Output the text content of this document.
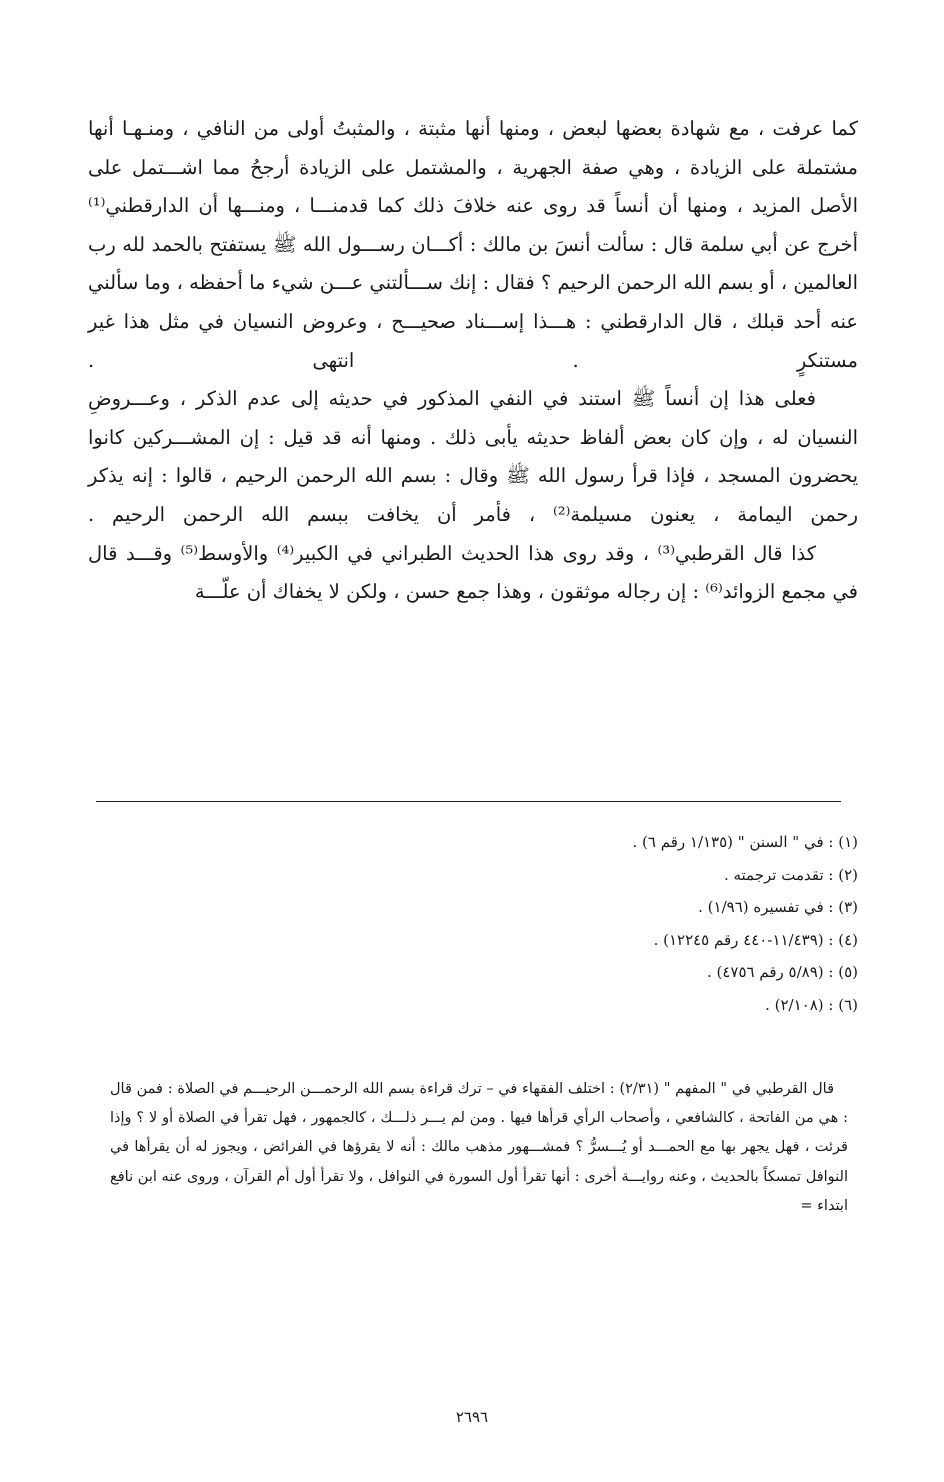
كما عرفت ، مع شهادة بعضها لبعض ، ومنها أنها مثبتة ، والمثبتُ أولى من النافي ، ومنـهـا أنها مشتملة على الزيادة ، وهي صفة الجهرية ، والمشتمل على الزيادة أرجحُ مما اشـــتمل على الأصل المزيد ، ومنها أن أنساً قد روى عنه خلافَ ذلك كما قدمنـــا ، ومنـــها أن الدارقطني⁽¹⁾ أخرج عن أبي سلمة قال : سألت أنسَ بن مالك : أكـــان رســـول الله ﷺ يستفتح بالحمد لله رب العالمين ، أو بسم الله الرحمن الرحيم ؟ فقال : إنك ســـألتني عـــن شيء ما أحفظه ، وما سألني عنه أحد قبلك ، قال الدارقطني : هـــذا إســـناد صحيـــح ، وعروض النسيان في مثل هذا غير مستنكرٍ . انتهى .

فعلى هذا إن أنساً ﷺ استند في النفي المذكور في حديثه إلى عدم الذكر ، وعـــروضِ النسيان له ، وإن كان بعض ألفاظ حديثه يأبى ذلك . ومنها أنه قد قيل : إن المشـــركين كانوا يحضرون المسجد ، فإذا قرأ رسول الله ﷺ وقال : بسم الله الرحمن الرحيم ، قالوا : إنه يذكر رحمن اليمامة ، يعنون مسيلمة⁽²⁾ ، فأمر أن يخافت ببسم الله الرحمن الرحيم .

كذا قال القرطبي⁽³⁾ ، وقد روى هذا الحديث الطبراني في الكبير⁽⁴⁾ والأوسط⁽⁵⁾ وقـــد قال في مجمع الزوائد⁽⁶⁾ : إن رجاله موثقون ، وهذا جمع حسن ، ولكن لا يخفاك أن علّـــة

(١) : في " السنن " (١/١٣٥ رقم ٦) .

(٢) : تقدمت ترجمته .

(٣) : في تفسيره (١/٩٦) .

(٤) : (١١/٤٣٩-٤٤٠ رقم ١٢٢٤٥) .

(٥) : (٥/٨٩ رقم ٤٧٥٦) .

(٦) : (٢/١٠٨) .

قال القرطبي في " المفهم " (٢/٣١) : اختلف الفقهاء في – ترك قراءة بسم الله الرحمـــن الرحيـــم في الصلاة : فمن قال : هي من الفاتحة ، كالشافعي ، وأصحاب الرأي قرأها فيها . ومن لم يـــر ذلـــك ، كالجمهور ، فهل تقرأ في الصلاة أو لا ؟ وإذا قرئت ، فهل يجهر بها مع الحمـــد أو يُـــسرُّ ؟ فمشـــهور مذهب مالك : أنه لا يقرؤها في الفرائض ، ويجوز له أن يقرأها في النوافل تمسكاً بالحديث ، وعنه روايـــة أخرى : أنها تقرأ أول السورة في النوافل ، ولا تقرأ أول أم القرآن ، وروى عنه ابن نافع ابتداء =

٢٦٩٦
